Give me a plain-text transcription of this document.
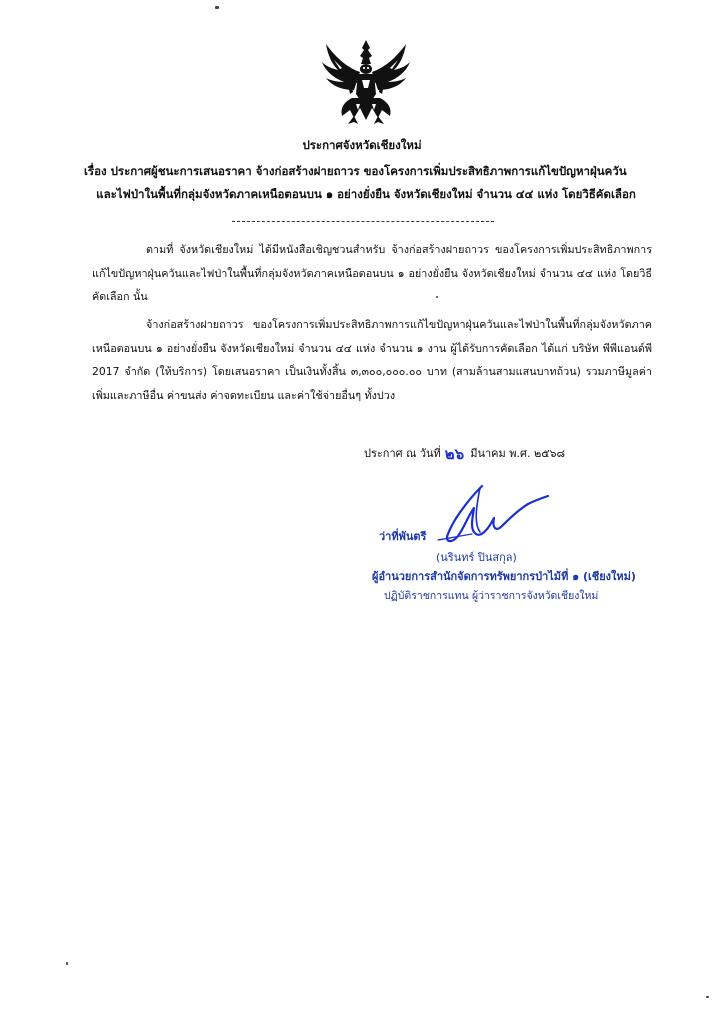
ประกาศจังหวัดเชียงใหม่

เรื่อง ประกาศผู้ชนะการเสนอราคา จ้างก่อสร้างฝายถาวร ของโครงการเพิ่มประสิทธิภาพการแก้ไขปัญหาฝุ่นควัน
และไฟป่าในพื้นที่กลุ่มจังหวัดภาคเหนือตอนบน ๑ อย่างยั่งยืน จังหวัดเชียงใหม่ จำนวน ๔๔ แห่ง โดยวิธีคัดเลือก

ตามที่ จังหวัดเชียงใหม่ ได้มีหนังสือเชิญชวนสำหรับ จ้างก่อสร้างฝายถาวร ของโครงการเพิ่มประสิทธิภาพการแก้ไขปัญหาฝุ่นควันและไฟป่าในพื้นที่กลุ่มจังหวัดภาคเหนือตอนบน ๑ อย่างยั่งยืน จังหวัดเชียงใหม่ จำนวน ๔๔ แห่ง โดยวิธีคัดเลือก นั้น

จ้างก่อสร้างฝายถาวร ของโครงการเพิ่มประสิทธิภาพการแก้ไขปัญหาฝุ่นควันและไฟป่าในพื้นที่กลุ่มจังหวัดภาคเหนือตอนบน ๑ อย่างยั่งยืน จังหวัดเชียงใหม่ จำนวน ๔๔ แห่ง จำนวน ๑ งาน ผู้ได้รับการคัดเลือก ได้แก่ บริษัท พีพีแอนด์พี 2017 จำกัด (ให้บริการ) โดยเสนอราคา เป็นเงินทั้งสิ้น ๓,๓๐๐,๐๐๐.๐๐ บาท (สามล้านสามแสนบาทถ้วน) รวมภาษีมูลค่าเพิ่มและภาษีอื่น ค่าขนส่ง ค่าจดทะเบียน และค่าใช้จ่ายอื่นๆ ทั้งปวง

ประกาศ ณ วันที่ ๒๖ มีนาคม พ.ศ. ๒๕๖๘

ว่าที่พันตรี

(นรินทร์ ปินสกุล)

ผู้อำนวยการสำนักจัดการทรัพยากรป่าไม้ที่ ๑ (เชียงใหม่)

ปฏิบัติราชการแทน ผู้ว่าราชการจังหวัดเชียงใหม่
